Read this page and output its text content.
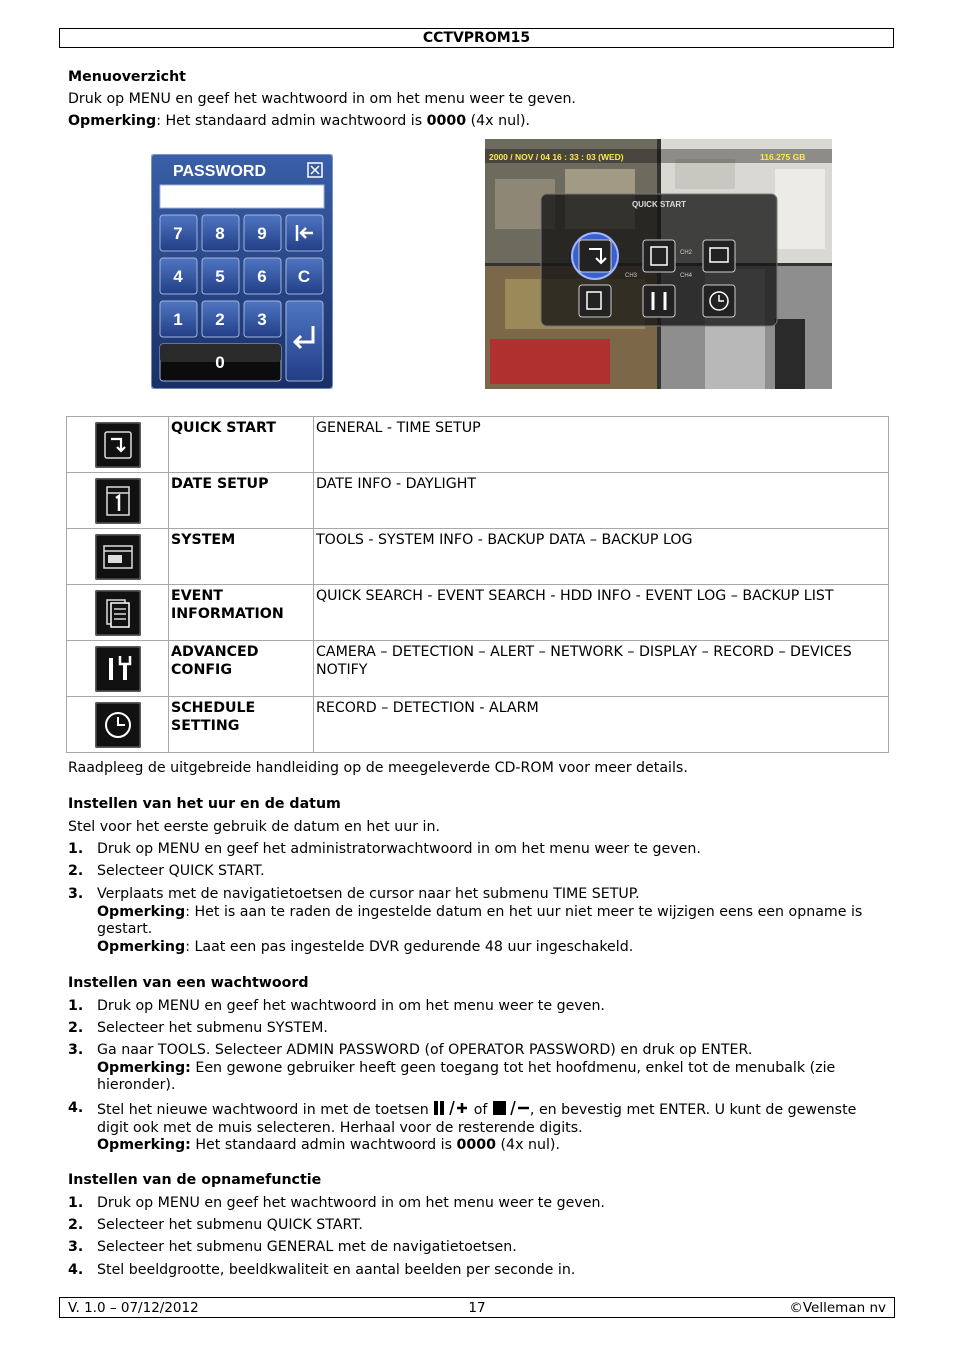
CCTVPROM15
Menuoverzicht
Druk op MENU en geef het wachtwoord in om het menu weer te geven.
Opmerking: Het standaard admin wachtwoord is 0000 (4x nul).
PASSWORD
7 8 9
4 5 6 C
1 2 3
0
2000 / NOV / 04 16 : 33 : 03 (WED)	116.275 GB
QUICK START
CH2
CH3	CH4
	QUICK START	GENERAL - TIME SETUP
	DATE SETUP	DATE INFO - DAYLIGHT
	SYSTEM	TOOLS - SYSTEM INFO - BACKUP DATA – BACKUP LOG
	EVENT INFORMATION	QUICK SEARCH - EVENT SEARCH - HDD INFO - EVENT LOG – BACKUP LIST
	ADVANCED CONFIG	CAMERA – DETECTION – ALERT – NETWORK – DISPLAY – RECORD – DEVICES NOTIFY
	SCHEDULE SETTING	RECORD – DETECTION - ALARM
Raadpleeg de uitgebreide handleiding op de meegeleverde CD-ROM voor meer details.
Instellen van het uur en de datum
Stel voor het eerste gebruik de datum en het uur in.
1. Druk op MENU en geef het administratorwachtwoord in om het menu weer te geven.
2. Selecteer QUICK START.
3. Verplaats met de navigatietoetsen de cursor naar het submenu TIME SETUP.
Opmerking: Het is aan te raden de ingestelde datum en het uur niet meer te wijzigen eens een opname is gestart.
Opmerking: Laat een pas ingestelde DVR gedurende 48 uur ingeschakeld.
Instellen van een wachtwoord
1. Druk op MENU en geef het wachtwoord in om het menu weer te geven.
2. Selecteer het submenu SYSTEM.
3. Ga naar TOOLS. Selecteer ADMIN PASSWORD (of OPERATOR PASSWORD) en druk op ENTER.
Opmerking: Een gewone gebruiker heeft geen toegang tot het hoofdmenu, enkel tot de menubalk (zie hieronder).
4. Stel het nieuwe wachtwoord in met de toetsen	of	, en bevestig met ENTER. U kunt de gewenste digit ook met de muis selecteren. Herhaal voor de resterende digits.
Opmerking: Het standaard admin wachtwoord is 0000 (4x nul).
Instellen van de opnamefunctie
1. Druk op MENU en geef het wachtwoord in om het menu weer te geven.
2. Selecteer het submenu QUICK START.
3. Selecteer het submenu GENERAL met de navigatietoetsen.
4. Stel beeldgrootte, beeldkwaliteit en aantal beelden per seconde in.
V. 1.0 – 07/12/2012	17	©Velleman nv
